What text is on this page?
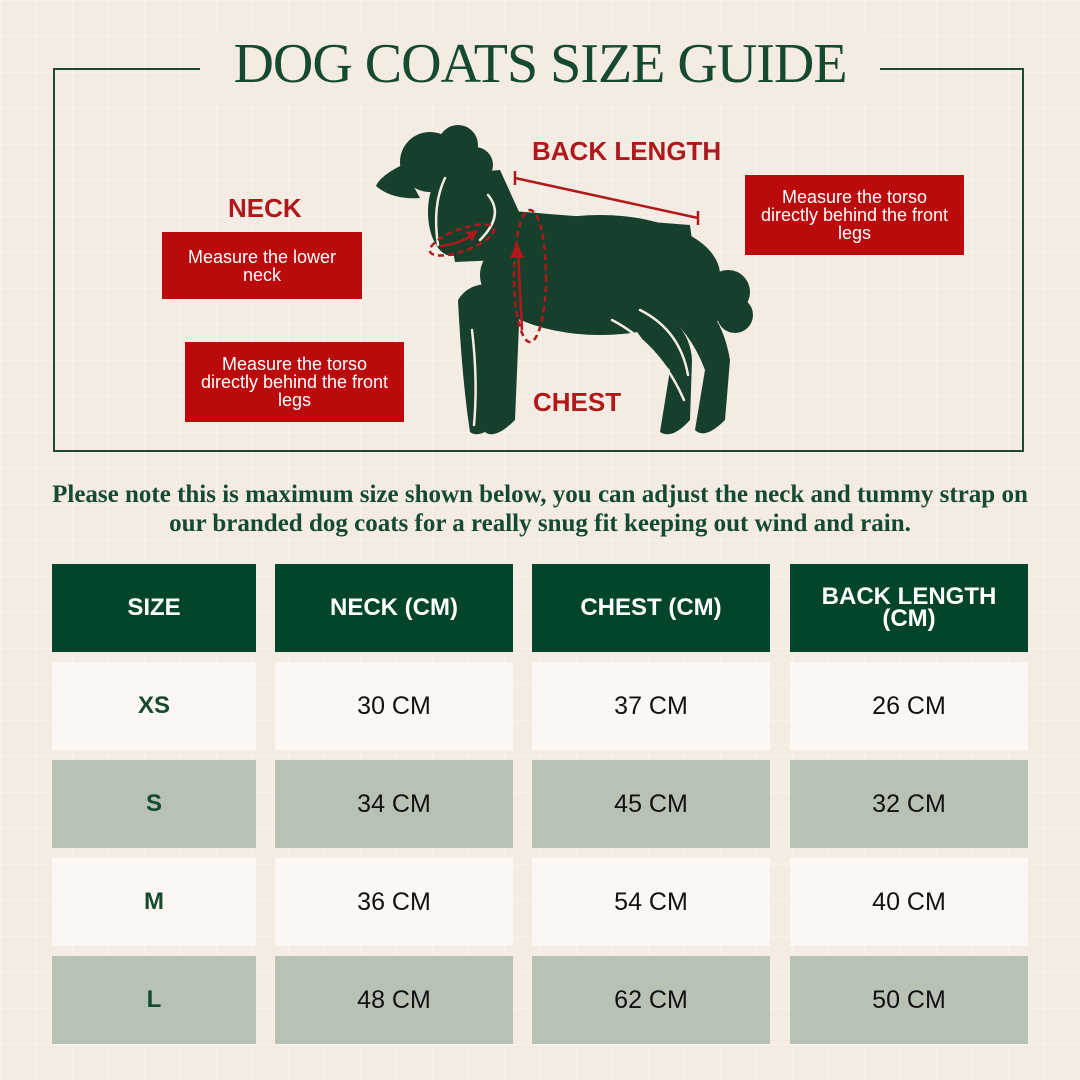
DOG COATS SIZE GUIDE
NECK
Measure the lower neck
BACK LENGTH
Measure the torso directly behind the front legs
CHEST
Measure the torso directly behind the front legs
Please note this is maximum size shown below, you can adjust the neck and tummy strap on our branded dog coats for a really snug fit keeping out wind and rain.
SIZE	NECK (CM)	CHEST (CM)	BACK LENGTH (CM)
XS	30 CM	37 CM	26 CM
S	34 CM	45 CM	32 CM
M	36 CM	54 CM	40 CM
L	48 CM	62 CM	50 CM
